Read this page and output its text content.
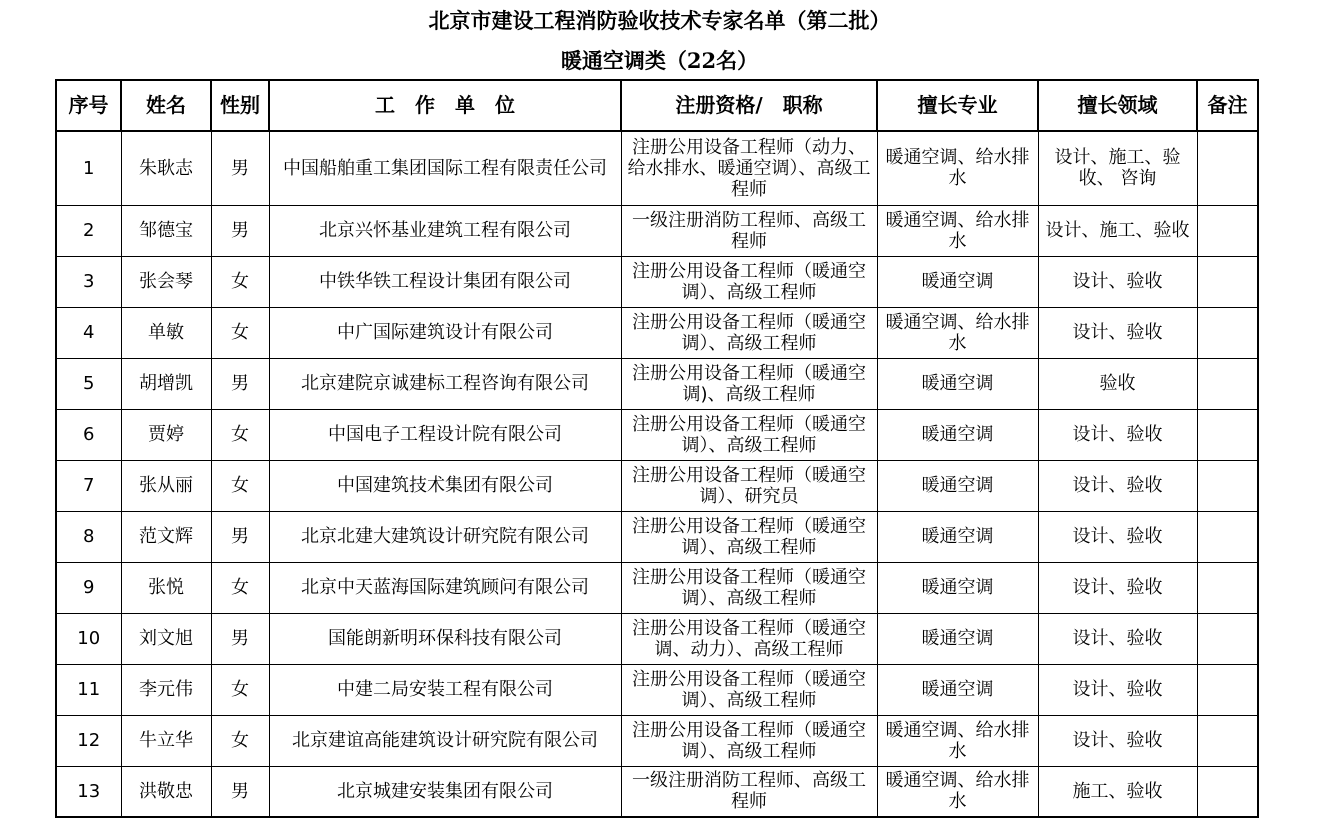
北京市建设工程消防验收技术专家名单（第二批）
暖通空调类（22名）
序号	姓名	性别	工　作　单　位	注册资格/　职称	擅长专业	擅长领域	备注
1	朱耿志	男	中国船舶重工集团国际工程有限责任公司	注册公用设备工程师（动力、给水排水、暖通空调）、高级工程师	暖通空调、给水排水	设计、施工、验收、 咨询	
2	邹德宝	男	北京兴怀基业建筑工程有限公司	一级注册消防工程师、高级工程师	暖通空调、给水排水	设计、施工、验收	
3	张会琴	女	中铁华铁工程设计集团有限公司	注册公用设备工程师（暖通空调）、高级工程师	暖通空调	设计、验收	
4	单敏	女	中广国际建筑设计有限公司	注册公用设备工程师（暖通空调）、高级工程师	暖通空调、给水排水	设计、验收	
5	胡增凯	男	北京建院京诚建标工程咨询有限公司	注册公用设备工程师（暖通空调)、高级工程师	暖通空调	验收	
6	贾婷	女	中国电子工程设计院有限公司	注册公用设备工程师（暖通空调）、高级工程师	暖通空调	设计、验收	
7	张从丽	女	中国建筑技术集团有限公司	注册公用设备工程师（暖通空调）、研究员	暖通空调	设计、验收	
8	范文辉	男	北京北建大建筑设计研究院有限公司	注册公用设备工程师（暖通空调）、高级工程师	暖通空调	设计、验收	
9	张悦	女	北京中天蓝海国际建筑顾问有限公司	注册公用设备工程师（暖通空调）、高级工程师	暖通空调	设计、验收	
10	刘文旭	男	国能朗新明环保科技有限公司	注册公用设备工程师（暖通空调、动力）、高级工程师	暖通空调	设计、验收	
11	李元伟	女	中建二局安装工程有限公司	注册公用设备工程师（暖通空调）、高级工程师	暖通空调	设计、验收	
12	牛立华	女	北京建谊高能建筑设计研究院有限公司	注册公用设备工程师（暖通空调）、高级工程师	暖通空调、给水排水	设计、验收	
13	洪敬忠	男	北京城建安装集团有限公司	一级注册消防工程师、高级工程师	暖通空调、给水排水	施工、验收	
